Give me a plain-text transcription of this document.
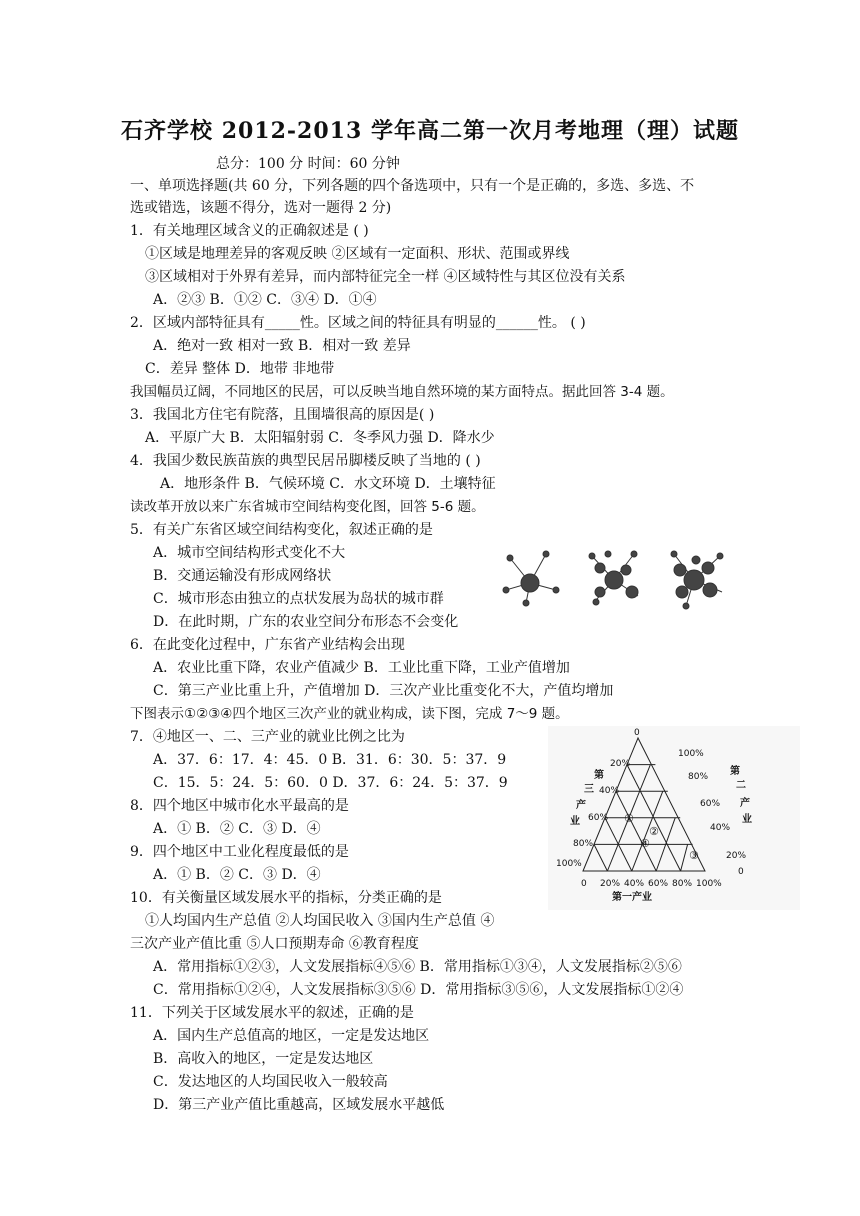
石齐学校 2012-2013 学年高二第一次月考地理（理）试题
总分：100 分 时间：60 分钟
一、单项选择题(共 60 分，下列各题的四个备选项中，只有一个是正确的，多选、多选、不
选或错选，该题不得分，选对一题得 2 分)
1．有关地理区域含义的正确叙述是 ( )
①区域是地理差异的客观反映 ②区域有一定面积、形状、范围或界线
③区域相对于外界有差异，而内部特征完全一样 ④区域特性与其区位没有关系
A．②③ B．①② C．③④ D．①④
2．区域内部特征具有_____性。区域之间的特征具有明显的______性。 ( )
A．绝对一致 相对一致 B．相对一致 差异
C．差异 整体 D．地带 非地带
我国幅员辽阔，不同地区的民居，可以反映当地自然环境的某方面特点。据此回答 3-4 题。
3．我国北方住宅有院落，且围墙很高的原因是( )
A．平原广大 B．太阳辐射弱 C．冬季风力强 D．降水少
4．我国少数民族苗族的典型民居吊脚楼反映了当地的 ( )
A．地形条件 B．气候环境 C．水文环境 D．土壤特征
读改革开放以来广东省城市空间结构变化图，回答 5-6 题。
5．有关广东省区域空间结构变化，叙述正确的是
A．城市空间结构形式变化不大
B．交通运输没有形成网络状
C．城市形态由独立的点状发展为岛状的城市群
D．在此时期，广东的农业空间分布形态不会变化
6．在此变化过程中，广东省产业结构会出现
A．农业比重下降，农业产值减少 B．工业比重下降，工业产值增加
C．第三产业比重上升，产值增加 D．三次产业比重变化不大，产值均增加
下图表示①②③④四个地区三次产业的就业构成，读下图，完成 7～9 题。
7．④地区一、二、三产业的就业比例之比为
A．37．6：17．4：45．0 B．31．6：30．5：37．9
C．15．5：24．5：60．0 D．37．6：24．5：37．9
8．四个地区中城市化水平最高的是
A．① B．② C．③ D．④
9．四个地区中工业化程度最低的是
A．① B．② C．③ D．④
10．有关衡量区域发展水平的指标，分类正确的是
①人均国内生产总值 ②人均国民收入 ③国内生产总值 ④
三次产业产值比重 ⑤人口预期寿命 ⑥教育程度
A．常用指标①②③，人文发展指标④⑤⑥ B．常用指标①③④，人文发展指标②⑤⑥
C．常用指标①②④，人文发展指标③⑤⑥ D．常用指标③⑤⑥，人文发展指标①②④
11．下列关于区域发展水平的叙述，正确的是
A．国内生产总值高的地区，一定是发达地区
B．高收入的地区，一定是发达地区
C．发达地区的人均国民收入一般较高
D．第三产业产值比重越高，区域发展水平越低
0 20% 40% 60% 80% 100%
第一产业
0
20%
40%
60%
80%
100%
第
三
产
业
100%
80%
60%
40%
20%
0
第
二
产
业
①
②
③
④
